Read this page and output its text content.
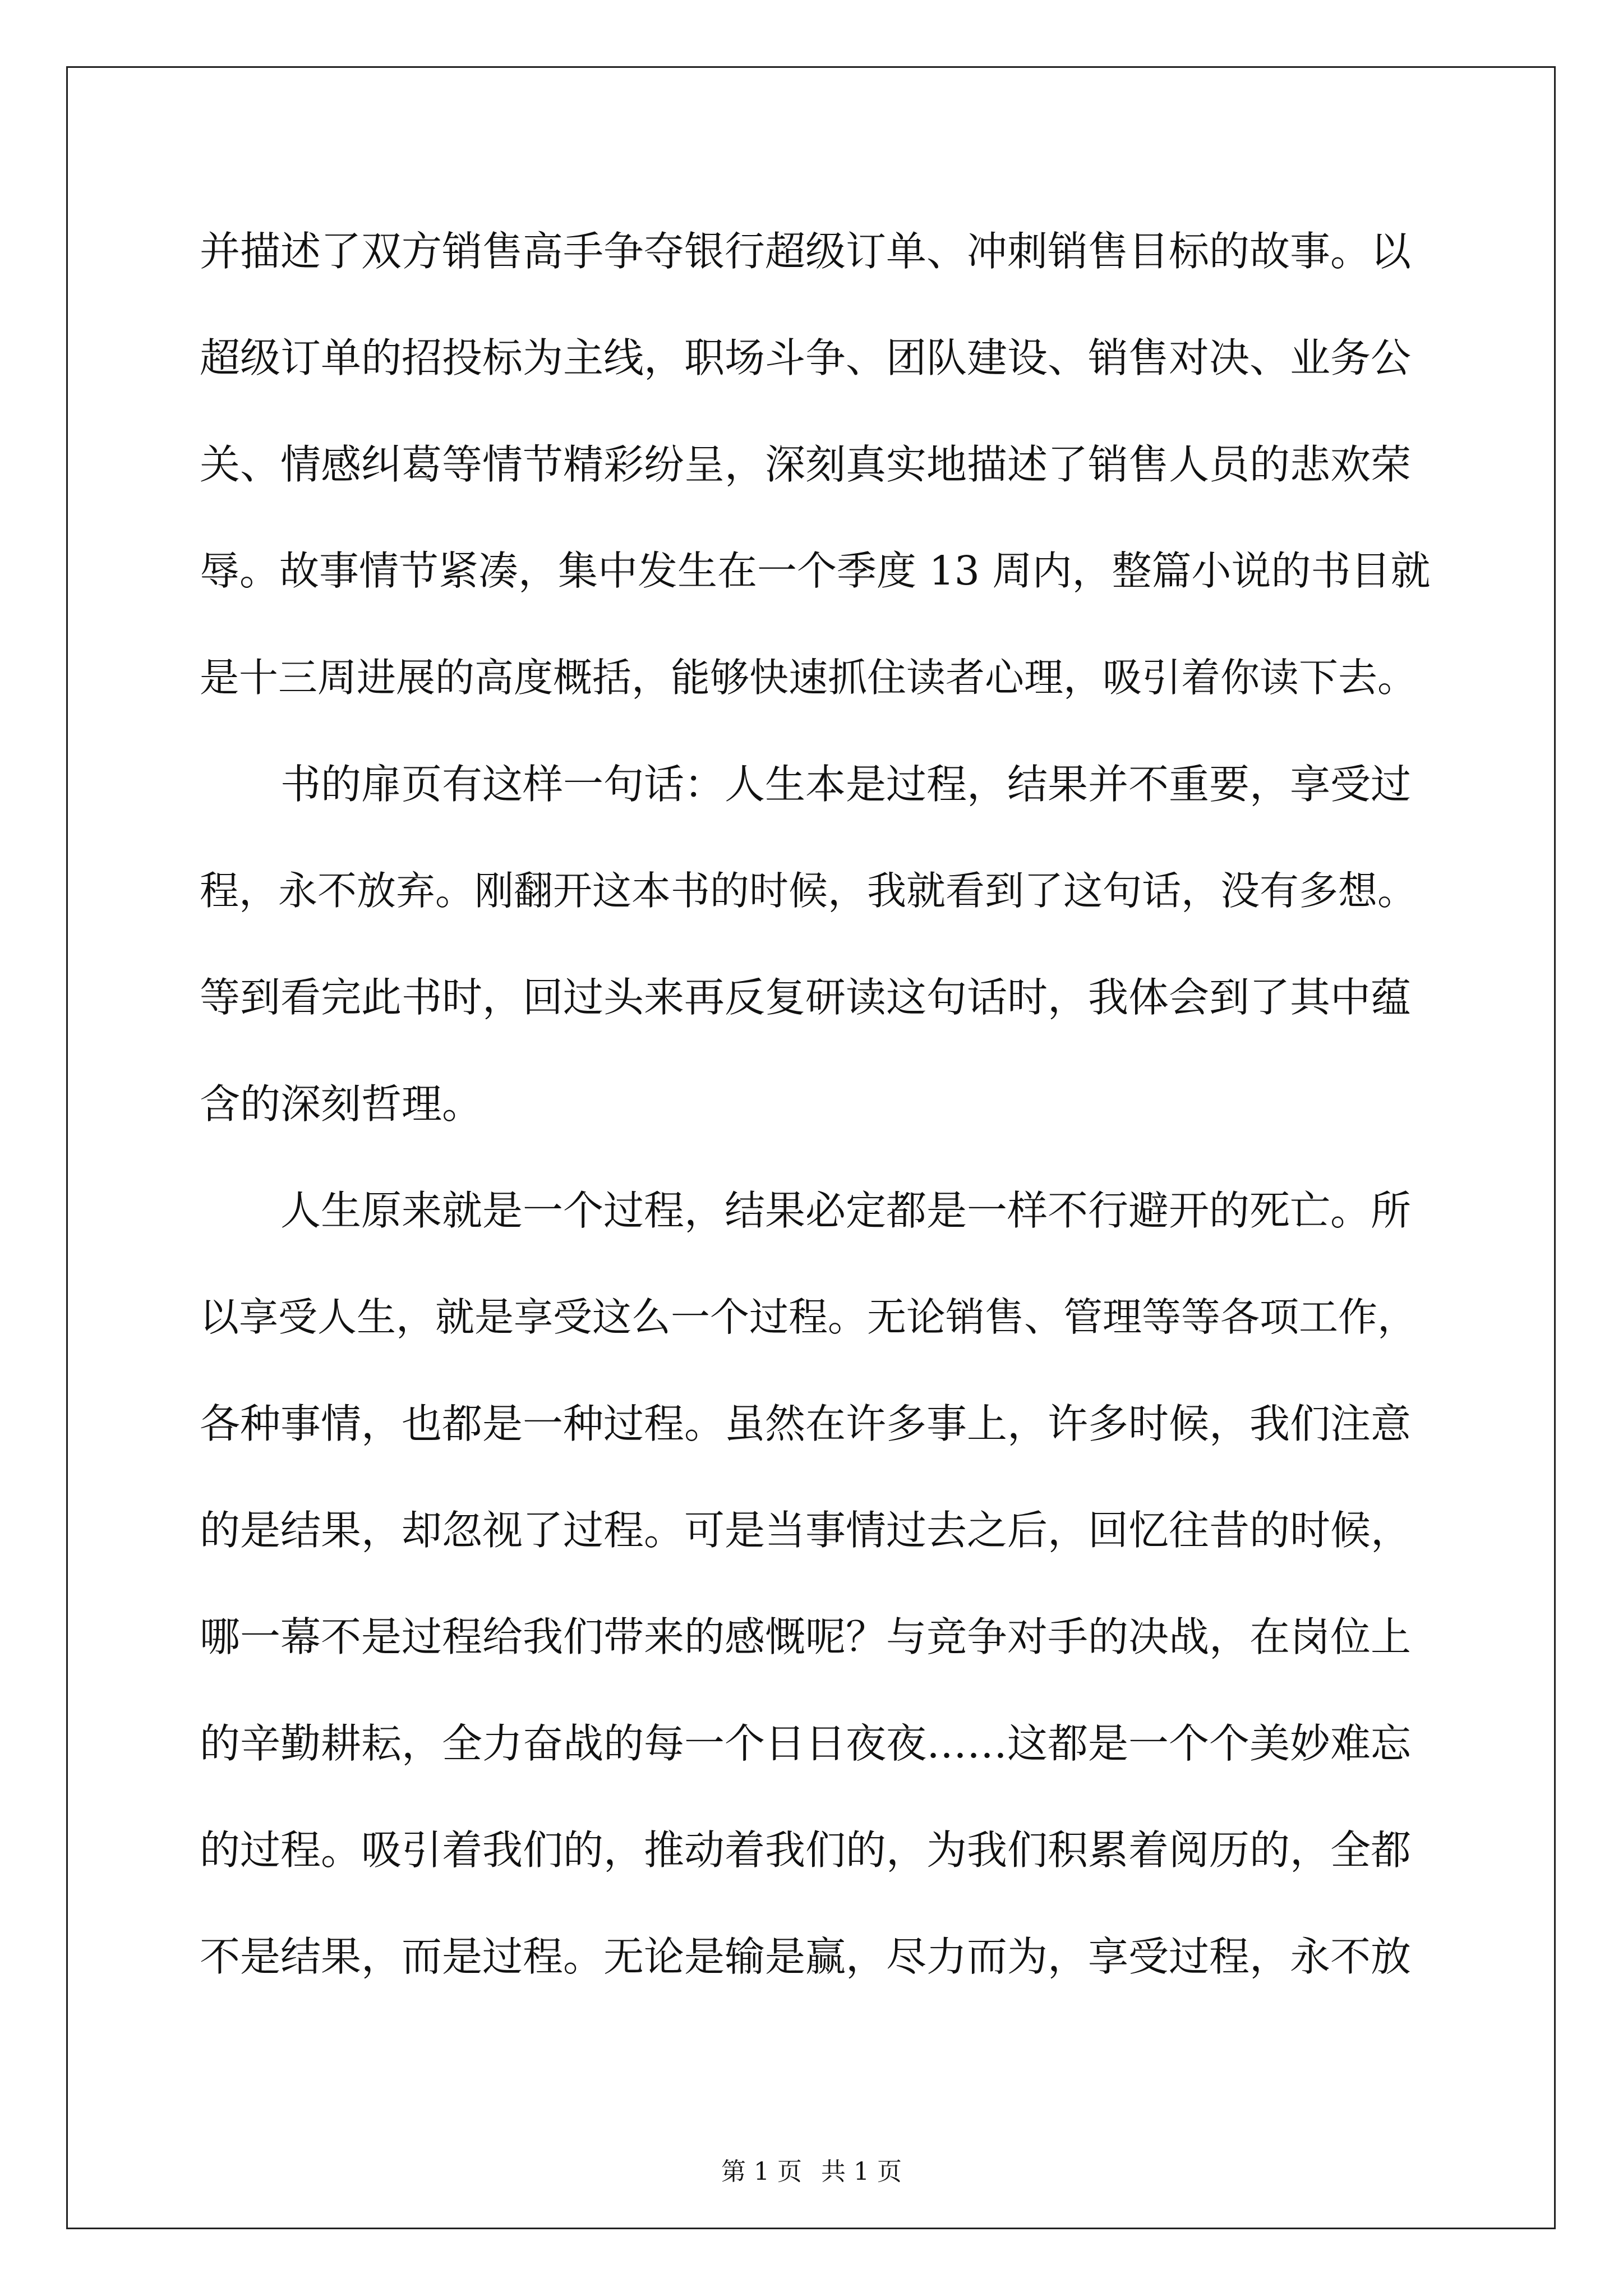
并描述了双方销售高手争夺银行超级订单、冲刺销售目标的故事。以
超级订单的招投标为主线，职场斗争、团队建设、销售对决、业务公
关、情感纠葛等情节精彩纷呈，深刻真实地描述了销售人员的悲欢荣
辱。故事情节紧凑，集中发生在一个季度 13 周内，整篇小说的书目就
是十三周进展的高度概括，能够快速抓住读者心理，吸引着你读下去。
书的扉页有这样一句话：人生本是过程，结果并不重要，享受过
程，永不放弃。刚翻开这本书的时候，我就看到了这句话，没有多想。
等到看完此书时，回过头来再反复研读这句话时，我体会到了其中蕴
含的深刻哲理。
人生原来就是一个过程，结果必定都是一样不行避开的死亡。所
以享受人生，就是享受这么一个过程。无论销售、管理等等各项工作，
各种事情，也都是一种过程。虽然在许多事上，许多时候，我们注意
的是结果，却忽视了过程。可是当事情过去之后，回忆往昔的时候，
哪一幕不是过程给我们带来的感慨呢？与竞争对手的决战，在岗位上
的辛勤耕耘，全力奋战的每一个日日夜夜……这都是一个个美妙难忘
的过程。吸引着我们的，推动着我们的，为我们积累着阅历的，全都
不是结果，而是过程。无论是输是赢，尽力而为，享受过程，永不放
第 1 页 共 1 页
